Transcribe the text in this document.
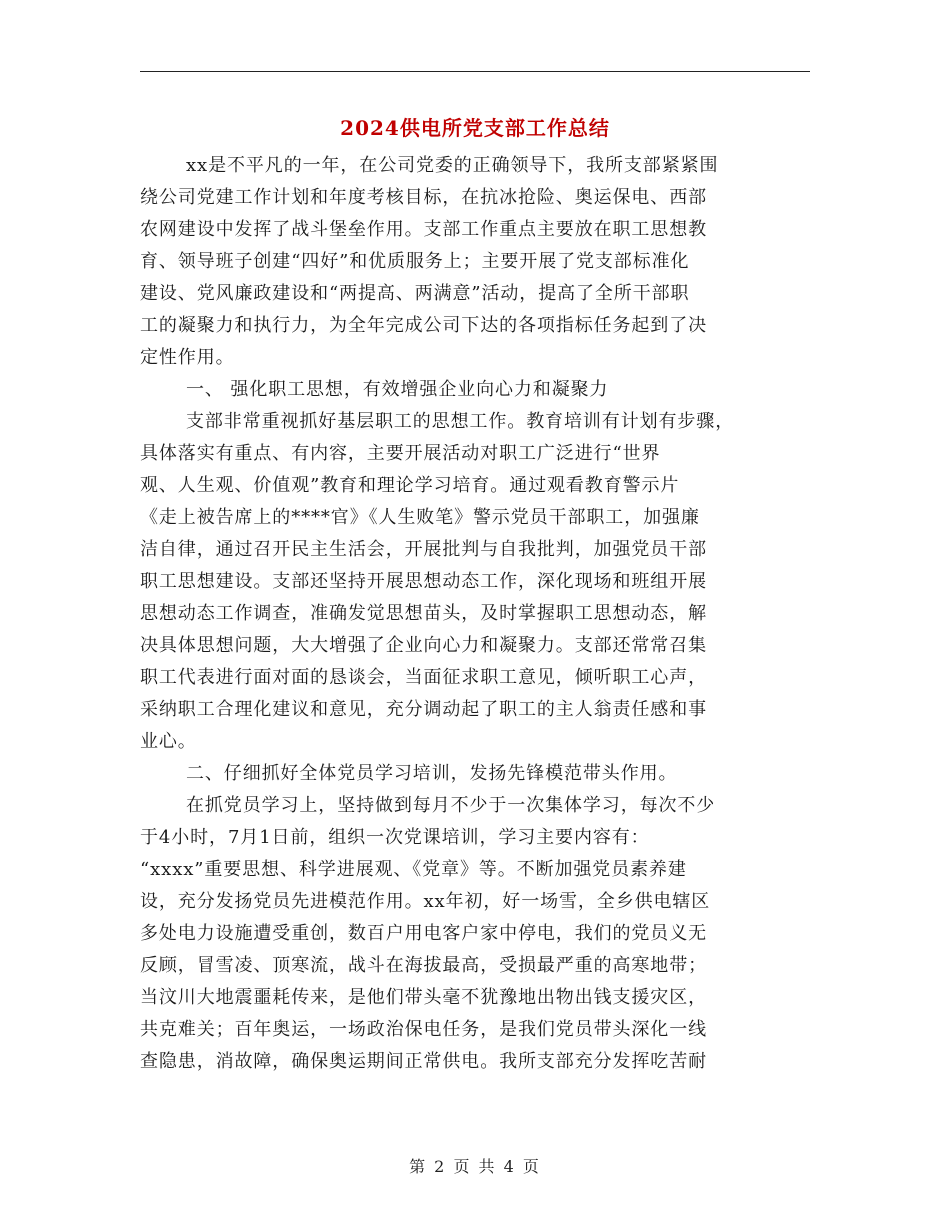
2024供电所党支部工作总结
xx是不平凡的一年，在公司党委的正确领导下，我所支部紧紧围
绕公司党建工作计划和年度考核目标，在抗冰抢险、奥运保电、西部
农网建设中发挥了战斗堡垒作用。支部工作重点主要放在职工思想教
育、领导班子创建“四好”和优质服务上；主要开展了党支部标准化
建设、党风廉政建设和“两提高、两满意”活动，提高了全所干部职
工的凝聚力和执行力，为全年完成公司下达的各项指标任务起到了决
定性作用。
一、 强化职工思想，有效增强企业向心力和凝聚力
支部非常重视抓好基层职工的思想工作。教育培训有计划有步骤，
具体落实有重点、有内容，主要开展活动对职工广泛进行“世界
观、人生观、价值观”教育和理论学习培育。通过观看教育警示片
《走上被告席上的****官》《人生败笔》警示党员干部职工，加强廉
洁自律，通过召开民主生活会，开展批判与自我批判，加强党员干部
职工思想建设。支部还坚持开展思想动态工作，深化现场和班组开展
思想动态工作调查，准确发觉思想苗头，及时掌握职工思想动态，解
决具体思想问题，大大增强了企业向心力和凝聚力。支部还常常召集
职工代表进行面对面的恳谈会，当面征求职工意见，倾听职工心声，
采纳职工合理化建议和意见，充分调动起了职工的主人翁责任感和事
业心。
二、仔细抓好全体党员学习培训，发扬先锋模范带头作用。
在抓党员学习上，坚持做到每月不少于一次集体学习，每次不少
于4小时，7月1日前，组织一次党课培训，学习主要内容有：
“xxxx”重要思想、科学进展观、《党章》等。不断加强党员素养建
设，充分发扬党员先进模范作用。xx年初，好一场雪，全乡供电辖区
多处电力设施遭受重创，数百户用电客户家中停电，我们的党员义无
反顾，冒雪凌、顶寒流，战斗在海拔最高，受损最严重的高寒地带；
当汶川大地震噩耗传来，是他们带头毫不犹豫地出物出钱支援灾区，
共克难关；百年奥运，一场政治保电任务，是我们党员带头深化一线
查隐患，消故障，确保奥运期间正常供电。我所支部充分发挥吃苦耐
第 2 页 共 4 页
